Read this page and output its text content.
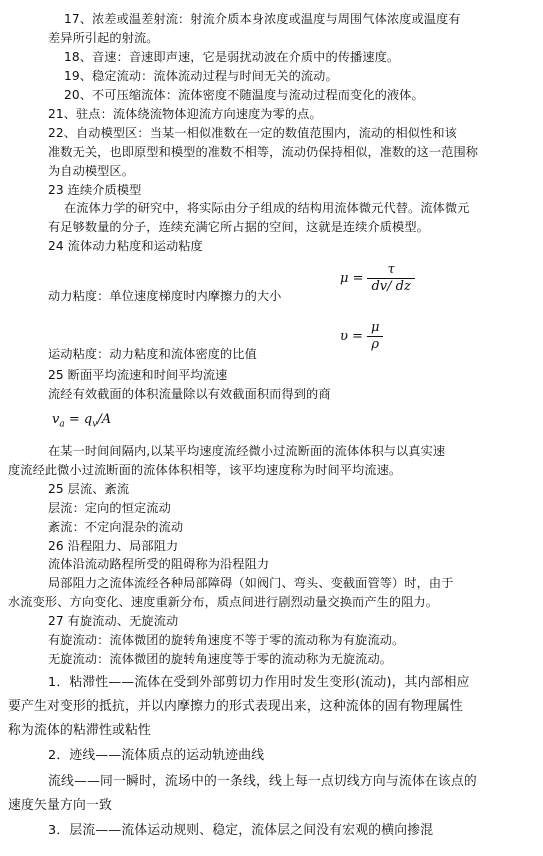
17、浓差或温差射流：射流介质本身浓度或温度与周围气体浓度或温度有
差异所引起的射流。
18、音速：音速即声速，它是弱扰动波在介质中的传播速度。
19、稳定流动：流体流动过程与时间无关的流动。
20、不可压缩流体：流体密度不随温度与流动过程而变化的液体。
21、驻点：流体绕流物体迎流方向速度为零的点。
22、自动模型区：当某一相似准数在一定的数值范围内，流动的相似性和该
准数无关，也即原型和模型的准数不相等，流动仍保持相似，准数的这一范围称
为自动模型区。
23 连续介质模型
在流体力学的研究中，将实际由分子组成的结构用流体微元代替。流体微元
有足够数量的分子，连续充满它所占据的空间，这就是连续介质模型。
24 流体动力粘度和运动粘度
动力粘度：单位速度梯度时内摩擦力的大小
运动粘度：动力粘度和流体密度的比值
25 断面平均流速和时间平均流速
流经有效截面的体积流量除以有效截面积而得到的商
在某一时间间隔内,以某平均速度流经微小过流断面的流体体积与以真实速
度流经此微小过流断面的流体体积相等，该平均速度称为时间平均流速。
25 层流、紊流
层流：定向的恒定流动
紊流：不定向混杂的流动
26 沿程阻力、局部阻力
流体沿流动路程所受的阻碍称为沿程阻力
局部阻力之流体流经各种局部障碍（如阀门、弯头、变截面管等）时，由于
水流变形、方向变化、速度重新分布，质点间进行剧烈动量交换而产生的阻力。
27 有旋流动、无旋流动
有旋流动：流体微团的旋转角速度不等于零的流动称为有旋流动。
无旋流动：流体微团的旋转角速度等于零的流动称为无旋流动。
1．粘滞性——流体在受到外部剪切力作用时发生变形(流动)，其内部相应
要产生对变形的抵抗，并以内摩擦力的形式表现出来，这种流体的固有物理属性
称为流体的粘滞性或粘性
2．迹线——流体质点的运动轨迹曲线
流线——同一瞬时，流场中的一条线，线上每一点切线方向与流体在该点的
速度矢量方向一致
3．层流——流体运动规则、稳定，流体层之间没有宏观的横向掺混
$\mu = \frac{\tau}{dv/ dz}$
$\upsilon = \frac{\mu}{\rho}$
$v_a = q_v/A$
